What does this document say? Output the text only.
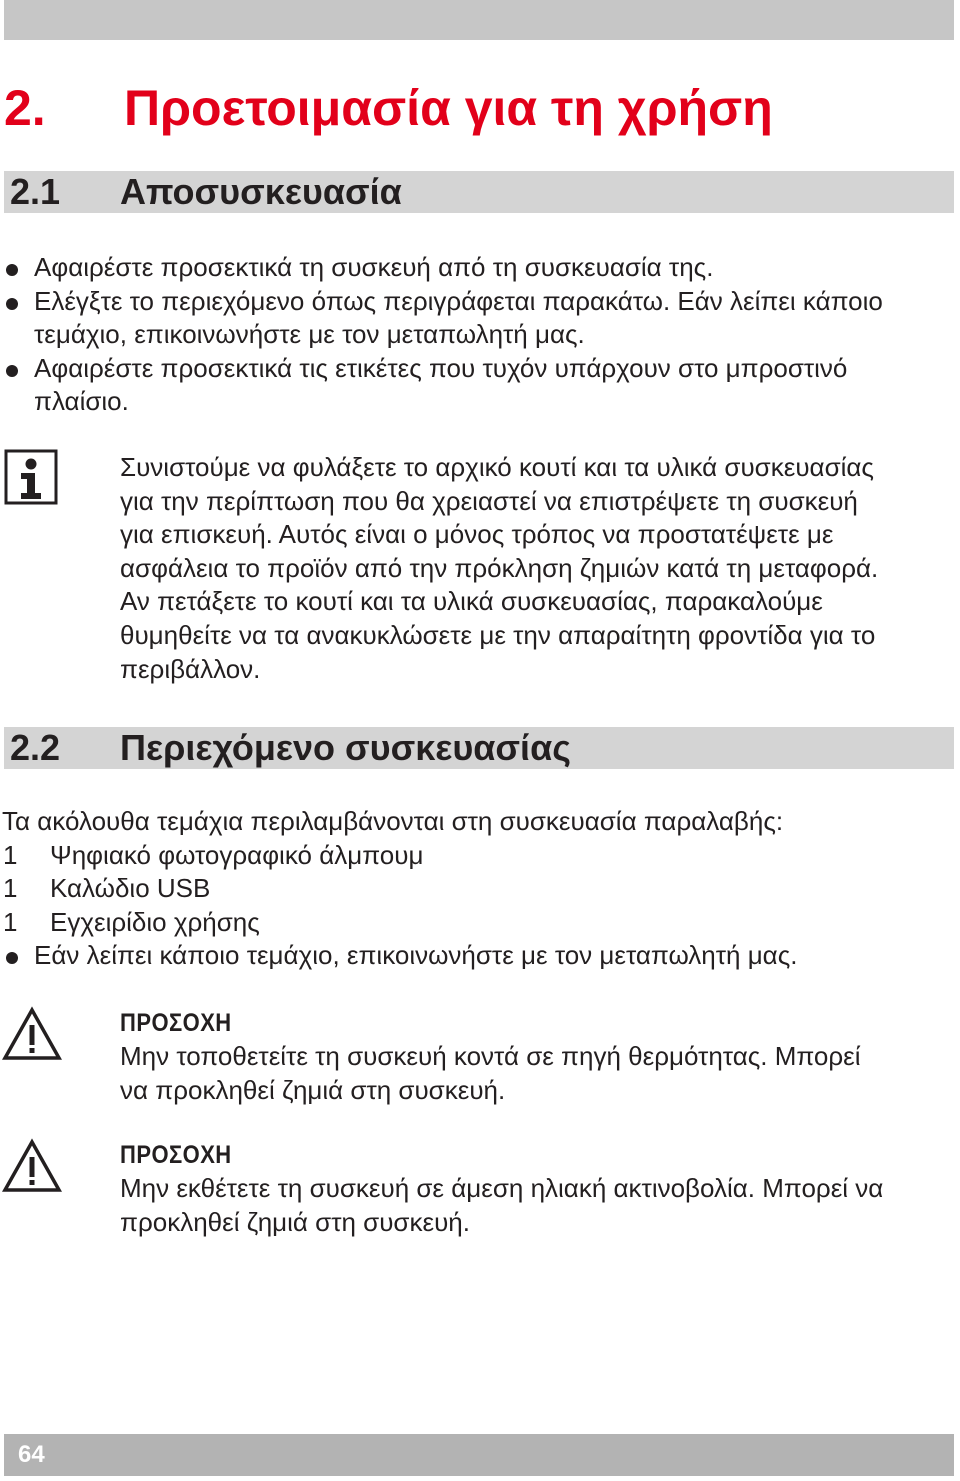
2. Προετοιμασία για τη χρήση
2.1 Αποσυσκευασία
Αφαιρέστε προσεκτικά τη συσκευή από τη συσκευασία της.
Ελέγξτε το περιεχόμενο όπως περιγράφεται παρακάτω. Εάν λείπει κάποιο
τεμάχιο, επικοινωνήστε με τον μεταπωλητή μας.
Αφαιρέστε προσεκτικά τις ετικέτες που τυχόν υπάρχουν στο μπροστινό
πλαίσιο.
Συνιστούμε να φυλάξετε το αρχικό κουτί και τα υλικά συσκευασίας
για την περίπτωση που θα χρειαστεί να επιστρέψετε τη συσκευή
για επισκευή. Αυτός είναι ο μόνος τρόπος να προστατέψετε με
ασφάλεια το προϊόν από την πρόκληση ζημιών κατά τη μεταφορά.
Αν πετάξετε το κουτί και τα υλικά συσκευασίας, παρακαλούμε
θυμηθείτε να τα ανακυκλώσετε με την απαραίτητη φροντίδα για το
περιβάλλον.
2.2 Περιεχόμενο συσκευασίας
Τα ακόλουθα τεμάχια περιλαμβάνονται στη συσκευασία παραλαβής:
1 Ψηφιακό φωτογραφικό άλμπουμ
1 Καλώδιο USB
1 Εγχειρίδιο χρήσης
Εάν λείπει κάποιο τεμάχιο, επικοινωνήστε με τον μεταπωλητή μας.
ΠΡΟΣΟΧΗ
Μην τοποθετείτε τη συσκευή κοντά σε πηγή θερμότητας. Μπορεί
να προκληθεί ζημιά στη συσκευή.
ΠΡΟΣΟΧΗ
Μην εκθέτετε τη συσκευή σε άμεση ηλιακή ακτινοβολία. Μπορεί να
προκληθεί ζημιά στη συσκευή.
64
